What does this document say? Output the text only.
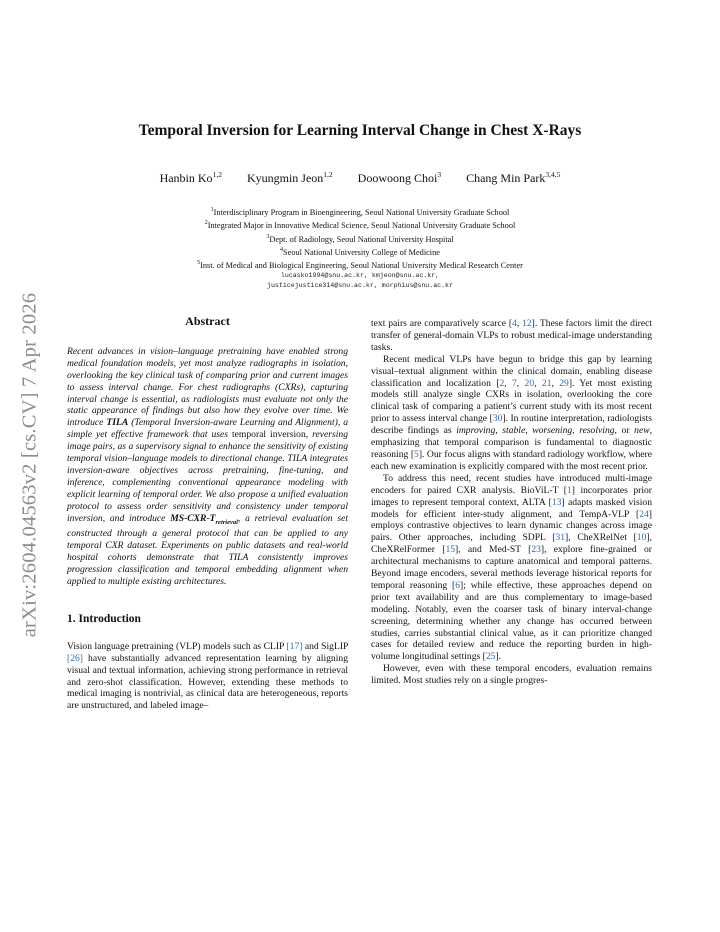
arXiv:2604.04563v2 [cs.CV] 7 Apr 2026
Temporal Inversion for Learning Interval Change in Chest X-Rays
Hanbin Ko$^{1,2}$ Kyungmin Jeon$^{1,2}$ Doowoong Choi$^3$ Chang Min Park$^{3,4,5}$
$^1$Interdisciplinary Program in Bioengineering, Seoul National University Graduate School
$^2$Integrated Major in Innovative Medical Science, Seoul National University Graduate School
$^3$Dept. of Radiology, Seoul National University Hospital
$^4$Seoul National University College of Medicine
$^5$Inst. of Medical and Biological Engineering, Seoul National University Medical Research Center
lucasko1994@snu.ac.kr, kmjeon@snu.ac.kr,
justicejustice314@snu.ac.kr, morphius@snu.ac.kr
Abstract

Recent advances in vision–language pretraining have enabled strong medical foundation models, yet most analyze radiographs in isolation, overlooking the key clinical task of comparing prior and current images to assess interval change. For chest radiographs (CXRs), capturing interval change is essential, as radiologists must evaluate not only the static appearance of findings but also how they evolve over time. We introduce TILA (Temporal Inversion-aware Learning and Alignment), a simple yet effective framework that uses temporal inversion, reversing image pairs, as a supervisory signal to enhance the sensitivity of existing temporal vision–language models to directional change. TILA integrates inversion-aware objectives across pretraining, fine-tuning, and inference, complementing conventional appearance modeling with explicit learning of temporal order. We also propose a unified evaluation protocol to assess order sensitivity and consistency under temporal inversion, and introduce $MS-CXR-T_{retrieval}$, a retrieval evaluation set constructed through a general protocol that can be applied to any temporal CXR dataset. Experiments on public datasets and real-world hospital cohorts demonstrate that TILA consistently improves progression classification and temporal embedding alignment when applied to multiple existing architectures.

1. Introduction

Vision language pretraining (VLP) models such as CLIP [17] and SigLIP [26] have substantially advanced representation learning by aligning visual and textual information, achieving strong performance in retrieval and zero-shot classification. However, extending these methods to medical imaging is nontrivial, as clinical data are heterogeneous, reports are unstructured, and labeled image–

text pairs are comparatively scarce [4, 12]. These factors limit the direct transfer of general-domain VLPs to robust medical-image understanding tasks.

Recent medical VLPs have begun to bridge this gap by learning visual–textual alignment within the clinical domain, enabling disease classification and localization [2, 7, 20, 21, 29]. Yet most existing models still analyze single CXRs in isolation, overlooking the core clinical task of comparing a patient’s current study with its most recent prior to assess interval change [30]. In routine interpretation, radiologists describe findings as improving, stable, worsening, resolving, or new, emphasizing that temporal comparison is fundamental to diagnostic reasoning [5]. Our focus aligns with standard radiology workflow, where each new examination is explicitly compared with the most recent prior.

To address this need, recent studies have introduced multi-image encoders for paired CXR analysis. BioViL-T [1] incorporates prior images to represent temporal context, ALTA [13] adapts masked vision models for efficient inter-study alignment, and TempA-VLP [24] employs contrastive objectives to learn dynamic changes across image pairs. Other approaches, including SDPL [31], CheXRelNet [10], CheXRelFormer [15], and Med-ST [23], explore fine-grained or architectural mechanisms to capture anatomical and temporal patterns. Beyond image encoders, several methods leverage historical reports for temporal reasoning [6]; while effective, these approaches depend on prior text availability and are thus complementary to image-based modeling. Notably, even the coarser task of binary interval-change screening, determining whether any change has occurred between studies, carries substantial clinical value, as it can prioritize changed cases for detailed review and reduce the reporting burden in high-volume longitudinal settings [25].

However, even with these temporal encoders, evaluation remains limited. Most studies rely on a single progres-
